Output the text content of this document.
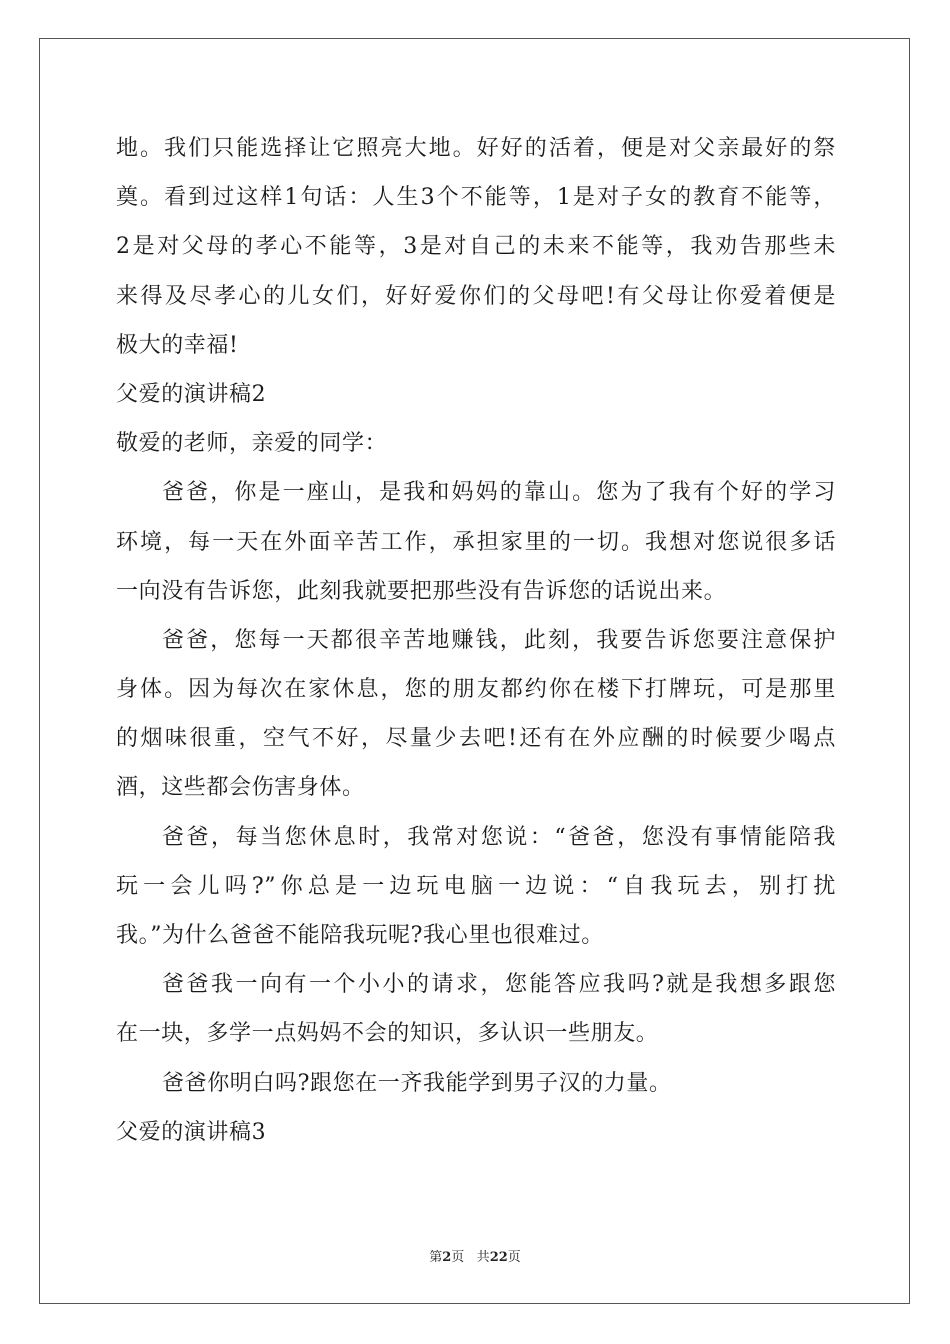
地。我们只能选择让它照亮大地。好好的活着，便是对父亲最好的祭
奠。看到过这样1句话：人生3个不能等，1是对子女的教育不能等，
2是对父母的孝心不能等，3是对自己的未来不能等，我劝告那些未
来得及尽孝心的儿女们，好好爱你们的父母吧!有父母让你爱着便是
极大的幸福!
父爱的演讲稿2
敬爱的老师，亲爱的同学：
爸爸，你是一座山，是我和妈妈的靠山。您为了我有个好的学习
环境，每一天在外面辛苦工作，承担家里的一切。我想对您说很多话
一向没有告诉您，此刻我就要把那些没有告诉您的话说出来。
爸爸，您每一天都很辛苦地赚钱，此刻，我要告诉您要注意保护
身体。因为每次在家休息，您的朋友都约你在楼下打牌玩，可是那里
的烟味很重，空气不好，尽量少去吧!还有在外应酬的时候要少喝点
酒，这些都会伤害身体。
爸爸，每当您休息时，我常对您说：“爸爸，您没有事情能陪我
玩一会儿吗?”你总是一边玩电脑一边说：“自我玩去，别打扰
我。”为什么爸爸不能陪我玩呢?我心里也很难过。
爸爸我一向有一个小小的请求，您能答应我吗?就是我想多跟您
在一块，多学一点妈妈不会的知识，多认识一些朋友。
爸爸你明白吗?跟您在一齐我能学到男子汉的力量。
父爱的演讲稿3
第2页 共22页
